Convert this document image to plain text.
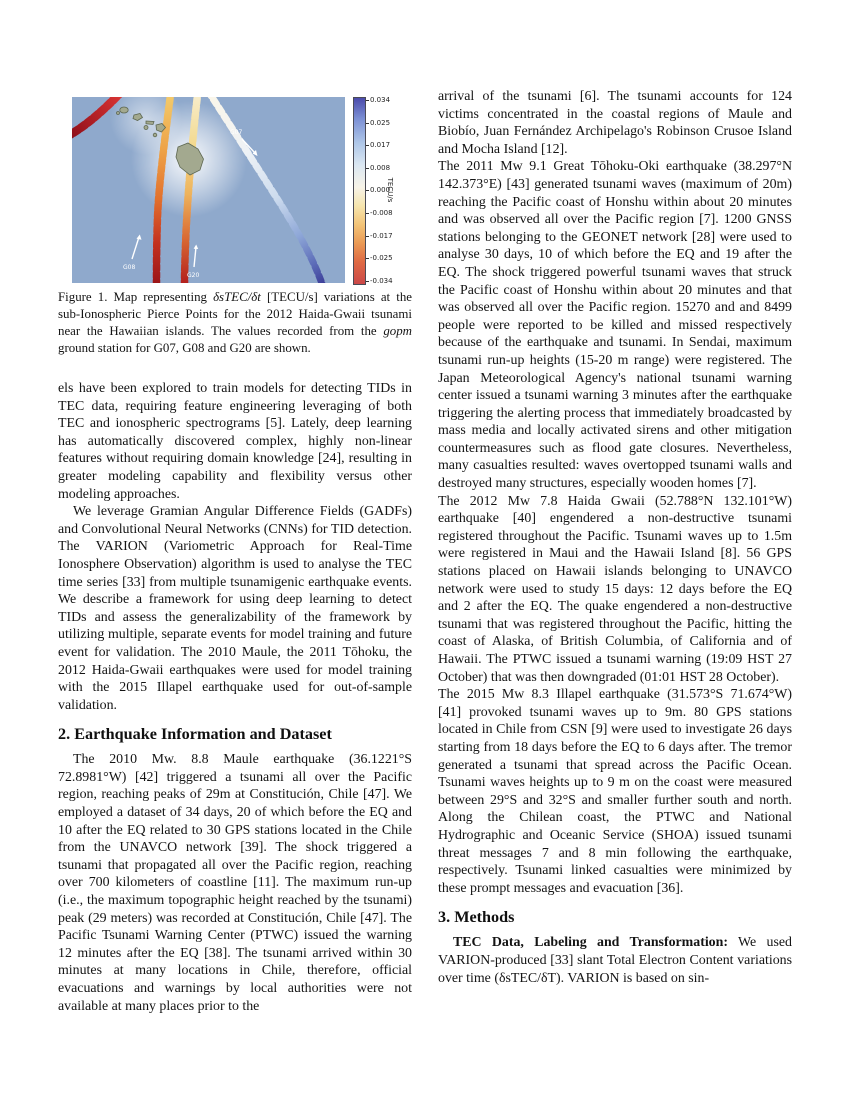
G07
G08
G20
0.034
0.025
0.017
0.008
0.000
-0.008
-0.017
-0.025
-0.034
TECU/s
Figure 1. Map representing δsTEC/δt [TECU/s] variations at the sub-Ionospheric Pierce Points for the 2012 Haida-Gwaii tsunami near the Hawaiian islands. The values recorded from the gopm ground station for G07, G08 and G20 are shown.

els have been explored to train models for detecting TIDs in TEC data, requiring feature engineering leveraging of both TEC and ionospheric spectrograms [5]. Lately, deep learning has automatically discovered complex, highly non-linear features without requiring domain knowledge [24], resulting in greater modeling capability and flexibility versus other modeling approaches.

We leverage Gramian Angular Difference Fields (GADFs) and Convolutional Neural Networks (CNNs) for TID detection. The VARION (Variometric Approach for Real-Time Ionosphere Observation) algorithm is used to analyse the TEC time series [33] from multiple tsunamigenic earthquake events. We describe a framework for using deep learning to detect TIDs and assess the generalizability of the framework by utilizing multiple, separate events for model training and future event for validation. The 2010 Maule, the 2011 Tōhoku, the 2012 Haida-Gwaii earthquakes were used for model training with the 2015 Illapel earthquake used for out-of-sample validation.

2. Earthquake Information and Dataset

The 2010 Mw. 8.8 Maule earthquake (36.1221°S 72.8981°W) [42] triggered a tsunami all over the Pacific region, reaching peaks of 29m at Constitución, Chile [47]. We employed a dataset of 34 days, 20 of which before the EQ and 10 after the EQ related to 30 GPS stations located in the Chile from the UNAVCO network [39]. The shock triggered a tsunami that propagated all over the Pacific region, reaching over 700 kilometers of coastline [11]. The maximum run-up (i.e., the maximum topographic height reached by the tsunami) peak (29 meters) was recorded at Constitución, Chile [47]. The Pacific Tsunami Warning Center (PTWC) issued the warning 12 minutes after the EQ [38]. The tsunami arrived within 30 minutes at many locations in Chile, therefore, official evacuations and warnings by local authorities were not available at many places prior to the

arrival of the tsunami [6]. The tsunami accounts for 124 victims concentrated in the coastal regions of Maule and Biobío, Juan Fernández Archipelago's Robinson Crusoe Island and Mocha Island [12].

The 2011 Mw 9.1 Great Tōhoku-Oki earthquake (38.297°N 142.373°E) [43] generated tsunami waves (maximum of 20m) reaching the Pacific coast of Honshu within about 20 minutes and was observed all over the Pacific region [7]. 1200 GNSS stations belonging to the GEONET network [28] were used to analyse 30 days, 10 of which before the EQ and 19 after the EQ. The shock triggered powerful tsunami waves that struck the Pacific coast of Honshu within about 20 minutes and that was observed all over the Pacific region. 15270 and and 8499 people were reported to be killed and missed respectively because of the earthquake and tsunami. In Sendai, maximum tsunami run-up heights (15-20 m range) were registered. The Japan Meteorological Agency's national tsunami warning center issued a tsunami warning 3 minutes after the earthquake triggering the alerting process that immediately broadcasted by mass media and locally activated sirens and other mitigation countermeasures such as flood gate closures. Nevertheless, many casualties resulted: waves overtopped tsunami walls and destroyed many structures, especially wooden homes [7].

The 2012 Mw 7.8 Haida Gwaii (52.788°N 132.101°W) earthquake [40] engendered a non-destructive tsunami registered throughout the Pacific. Tsunami waves up to 1.5m were registered in Maui and the Hawaii Island [8]. 56 GPS stations placed on Hawaii islands belonging to UNAVCO network were used to study 15 days: 12 days before the EQ and 2 after the EQ. The quake engendered a non-destructive tsunami that was registered throughout the Pacific, hitting the coast of Alaska, of British Columbia, of California and of Hawaii. The PTWC issued a tsunami warning (19:09 HST 27 October) that was then downgraded (01:01 HST 28 October).

The 2015 Mw 8.3 Illapel earthquake (31.573°S 71.674°W) [41] provoked tsunami waves up to 9m. 80 GPS stations located in Chile from CSN [9] were used to investigate 26 days starting from 18 days before the EQ to 6 days after. The tremor generated a tsunami that spread across the Pacific Ocean. Tsunami waves heights up to 9 m on the coast were measured between 29°S and 32°S and smaller further south and north. Along the Chilean coast, the PTWC and National Hydrographic and Oceanic Service (SHOA) issued tsunami threat messages 7 and 8 min following the earthquake, respectively. Tsunami linked casualties were minimized by these prompt messages and evacuation [36].

3. Methods

TEC Data, Labeling and Transformation: We used VARION-produced [33] slant Total Electron Content variations over time (δsTEC/δT). VARION is based on sin-
